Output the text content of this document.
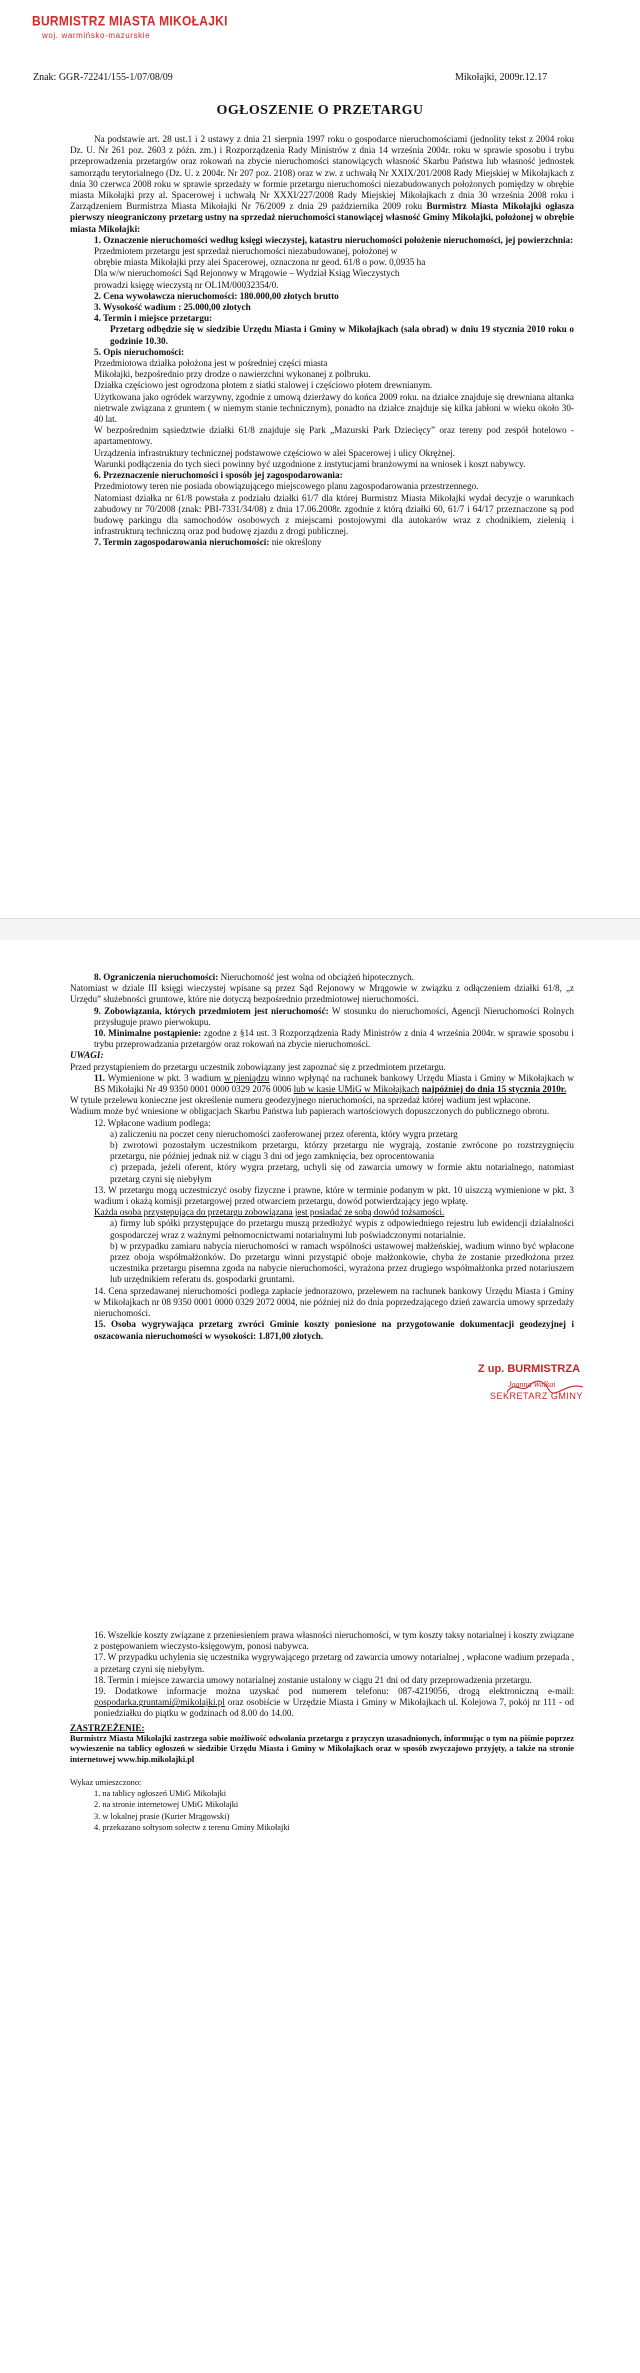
BURMISTRZ MIASTA MIKOŁAJKI
woj. warmińsko-mazurskie
Znak: GGR-72241/155-1/07/08/09	Mikołajki, 2009r.12.17
OGŁOSZENIE O PRZETARGU

Na podstawie art. 28 ust.1 i 2 ustawy z dnia 21 sierpnia 1997 roku o gospodarce nieruchomościami (jednolity tekst z 2004 roku Dz. U. Nr 261 poz. 2603 z późn. zm.) i Rozporządzenia Rady Ministrów z dnia 14 września 2004r. roku w sprawie sposobu i trybu przeprowadzenia przetargów oraz rokowań na zbycie nieruchomości stanowiących własność Skarbu Państwa lub własność jednostek samorządu terytorialnego (Dz. U. z 2004r. Nr 207 poz. 2108) oraz w zw. z uchwałą Nr XXIX/201/2008 Rady Miejskiej w Mikołajkach z dnia 30 czerwca 2008 roku w sprawie sprzedaży w formie przetargu nieruchomości niezabudowanych położonych pomiędzy w obrębie miasta Mikołajki przy al. Spacerowej i uchwałą Nr XXXI/227/2008 Rady Miejskiej Mikołajkach z dnia 30 września 2008 roku i Zarządzeniem Burmistrza Miasta Mikołajki Nr 76/2009 z dnia 29 października 2009 roku Burmistrz Miasta Mikołajki ogłasza pierwszy nieograniczony przetarg ustny na sprzedaż nieruchomości stanowiącej własność Gminy Mikołajki, położonej w obrębie miasta Mikołajki:

1. Oznaczenie nieruchomości według księgi wieczystej, katastru nieruchomości położenie nieruchomości, jej powierzchnia:

Przedmiotem przetargu jest sprzedaż nieruchomości niezabudowanej, położonej w

obrębie miasta Mikołajki przy alei Spacerowej, oznaczona nr geod. 61/8 o pow. 0,0935 ha

Dla w/w nieruchomości Sąd Rejonowy w Mrągowie – Wydział Ksiąg Wieczystych

prowadzi księgę wieczystą nr OL1M/00032354/0.

2. Cena wywoławcza nieruchomości: 180.000,00 złotych brutto

3. Wysokość wadium : 25.000,00 złotych

4. Termin i miejsce przetargu:

Przetarg odbędzie się w siedzibie Urzędu Miasta i Gminy w Mikołajkach (sala obrad) w dniu 19 stycznia 2010 roku o godzinie 10.30.

5. Opis nieruchomości:

Przedmiotowa działka położona jest w pośredniej części miasta

Mikołajki, bezpośrednio przy drodze o nawierzchni wykonanej z polbruku.

Działka częściowo jest ogrodzona płotem z siatki stalowej i częściowo płotem drewnianym.

Użytkowana jako ogródek warzywny, zgodnie z umową dzierżawy do końca 2009 roku. na działce znajduje się drewniana altanka nietrwale związana z gruntem ( w niemym stanie technicznym), ponadto na działce znajduje się kilka jabłoni w wieku około 30-40 lat.

W bezpośrednim sąsiedztwie działki 61/8 znajduje się Park „Mazurski Park Dziecięcy” oraz tereny pod zespół hotelowo - apartamentowy.

Urządzenia infrastruktury technicznej podstawowe częściowo w alei Spacerowej i ulicy Okrężnej.

Warunki podłączenia do tych sieci powinny być uzgodnione z instytucjami branżowymi na wniosek i koszt nabywcy.

6. Przeznaczenie nieruchomości i sposób jej zagospodarowania:

Przedmiotowy teren nie posiada obowiązującego miejscowego planu zagospodarowania przestrzennego.

Natomiast działka nr 61/8 powstała z podziału działki 61/7 dla której Burmistrz Miasta Mikołajki wydał decyzje o warunkach zabudowy nr 70/2008 (znak: PBI-7331/34/08) z dnia 17.06.2008r. zgodnie z którą działki 60, 61/7 i 64/17 przeznaczone są pod budowę parkingu dla samochodów osobowych z miejscami postojowymi dla autokarów wraz z chodnikiem, zielenią i infrastrukturą techniczną oraz pod budowę zjazdu z drogi publicznej.

7. Termin zagospodarowania nieruchomości: nie określony

8. Ograniczenia nieruchomości: Nieruchomość jest wolna od obciążeń hipotecznych.

Natomiast w dziale III księgi wieczystej wpisane są przez Sąd Rejonowy w Mrągowie w związku z odłączeniem działki 61/8, „z Urzędu” służebności gruntowe, które nie dotyczą bezpośrednio przedmiotowej nieruchomości.

9. Zobowiązania, których przedmiotem jest nieruchomość: W stosunku do nieruchomości, Agencji Nieruchomości Rolnych przysługuje prawo pierwokupu.

10. Minimalne postąpienie: zgodne z §14 ust. 3 Rozporządzenia Rady Ministrów z dnia 4 września 2004r. w sprawie sposobu i trybu przeprowadzania przetargów oraz rokowań na zbycie nieruchomości.

UWAGI:

Przed przystąpieniem do przetargu uczestnik zobowiązany jest zapoznać się z przedmiotem przetargu.

11. Wymienione w pkt. 3 wadium w pieniądzu winno wpłynąć na rachunek bankowy Urzędu Miasta i Gminy w Mikołajkach w BS Mikołajki Nr 49 9350 0001 0000 0329 2076 0006 lub w kasie UMiG w Mikołajkach najpóźniej do dnia 15 stycznia 2010r.

W tytule przelewu konieczne jest określenie numeru geodezyjnego nieruchomości, na sprzedaż której wadium jest wpłacone.

Wadium może być wniesione w obligacjach Skarbu Państwa lub papierach wartościowych dopuszczonych do publicznego obrotu.

12. Wpłacone wadium podlega:

a) zaliczeniu na poczet ceny nieruchomości zaoferowanej przez oferenta, który wygra przetarg

b) zwrotowi pozostałym uczestnikom przetargu, którzy przetargu nie wygrają, zostanie zwrócone po rozstrzygnięciu przetargu, nie później jednak niż w ciągu 3 dni od jego zamknięcia, bez oprocentowania

c) przepada, jeżeli oferent, który wygra przetarg, uchyli się od zawarcia umowy w formie aktu notarialnego, natomiast przetarg czyni się niebyłym

13. W przetargu mogą uczestniczyć osoby fizyczne i prawne, które w terminie podanym w pkt. 10 uiszczą wymienione w pkt. 3 wadium i okażą komisji przetargowej przed otwarciem przetargu, dowód potwierdzający jego wpłatę.

Każda osoba przystępująca do przetargu zobowiązana jest posiadać ze sobą dowód tożsamości.

a) firmy lub spółki przystępujące do przetargu muszą przedłożyć wypis z odpowiedniego rejestru lub ewidencji działalności gospodarczej wraz z ważnymi pełnomocnictwami notarialnymi lub poświadczonymi notarialnie.

b) w przypadku zamiaru nabycia nieruchomości w ramach wspólności ustawowej małżeńskiej, wadium winno być wpłacone przez oboja współmałżonków. Do przetargu winni przystąpić oboje małżonkowie, chyba że zostanie przedłożona przez uczestnika przetargu pisemna zgoda na nabycie nieruchomości, wyrażona przez drugiego współmałżonka przed notariuszem lub urzędnikiem referatu ds. gospodarki gruntami.

14. Cena sprzedawanej nieruchomości podlega zapłacie jednorazowo, przelewem na rachunek bankowy Urzędu Miasta i Gminy w Mikołajkach nr 08 9350 0001 0000 0329 2072 0004, nie później niż do dnia poprzedzającego dzień zawarcia umowy sprzedaży nieruchomości.

15. Osoba wygrywająca przetarg zwróci Gminie koszty poniesione na przygotowanie dokumentacji geodezyjnej i oszacowania nieruchomości w wysokości: 1.871,00 złotych.

16. Wszelkie koszty związane z przeniesieniem prawa własności nieruchomości, w tym koszty taksy notarialnej i koszty związane z postępowaniem wieczysto-księgowym, ponosi nabywca.

17. W przypadku uchylenia się uczestnika wygrywającego przetarg od zawarcia umowy notarialnej , wpłacone wadium przepada , a przetarg czyni się niebyłym.

18. Termin i miejsce zawarcia umowy notarialnej zostanie ustalony w ciągu 21 dni od daty przeprowadzenia przetargu.

19. Dodatkowe informacje można uzyskać pod numerem telefonu: 087-4219056, drogą elektroniczną e-mail: gospodarka.gruntami@mikolajki.pl oraz osobiście w Urzędzie Miasta i Gminy w Mikołajkach ul. Kolejowa 7, pokój nr 111 - od poniedziałku do piątku w godzinach od 8.00 do 14.00.

ZASTRZEŻENIE:

Burmistrz Miasta Mikołajki zastrzega sobie możliwość odwołania przetargu z przyczyn uzasadnionych, informując o tym na piśmie poprzez wywieszenie na tablicy ogłoszeń w siedzibie Urzędu Miasta i Gminy w Mikołajkach oraz w sposób zwyczajowo przyjęty, a także na stronie internetowej www.bip.mikolajki.pl

Wykaz umieszczono:

1. na tablicy ogłoszeń UMiG Mikołajki

2. na stronie internetowej UMiG Mikołajki

3. w lokalnej prasie (Kurier Mrągowski)

4. przekazano sołtysom sołectw z terenu Gminy Mikołajki

Z up. BURMISTRZA
Joanna Wolkai
SEKRETARZ GMINY
